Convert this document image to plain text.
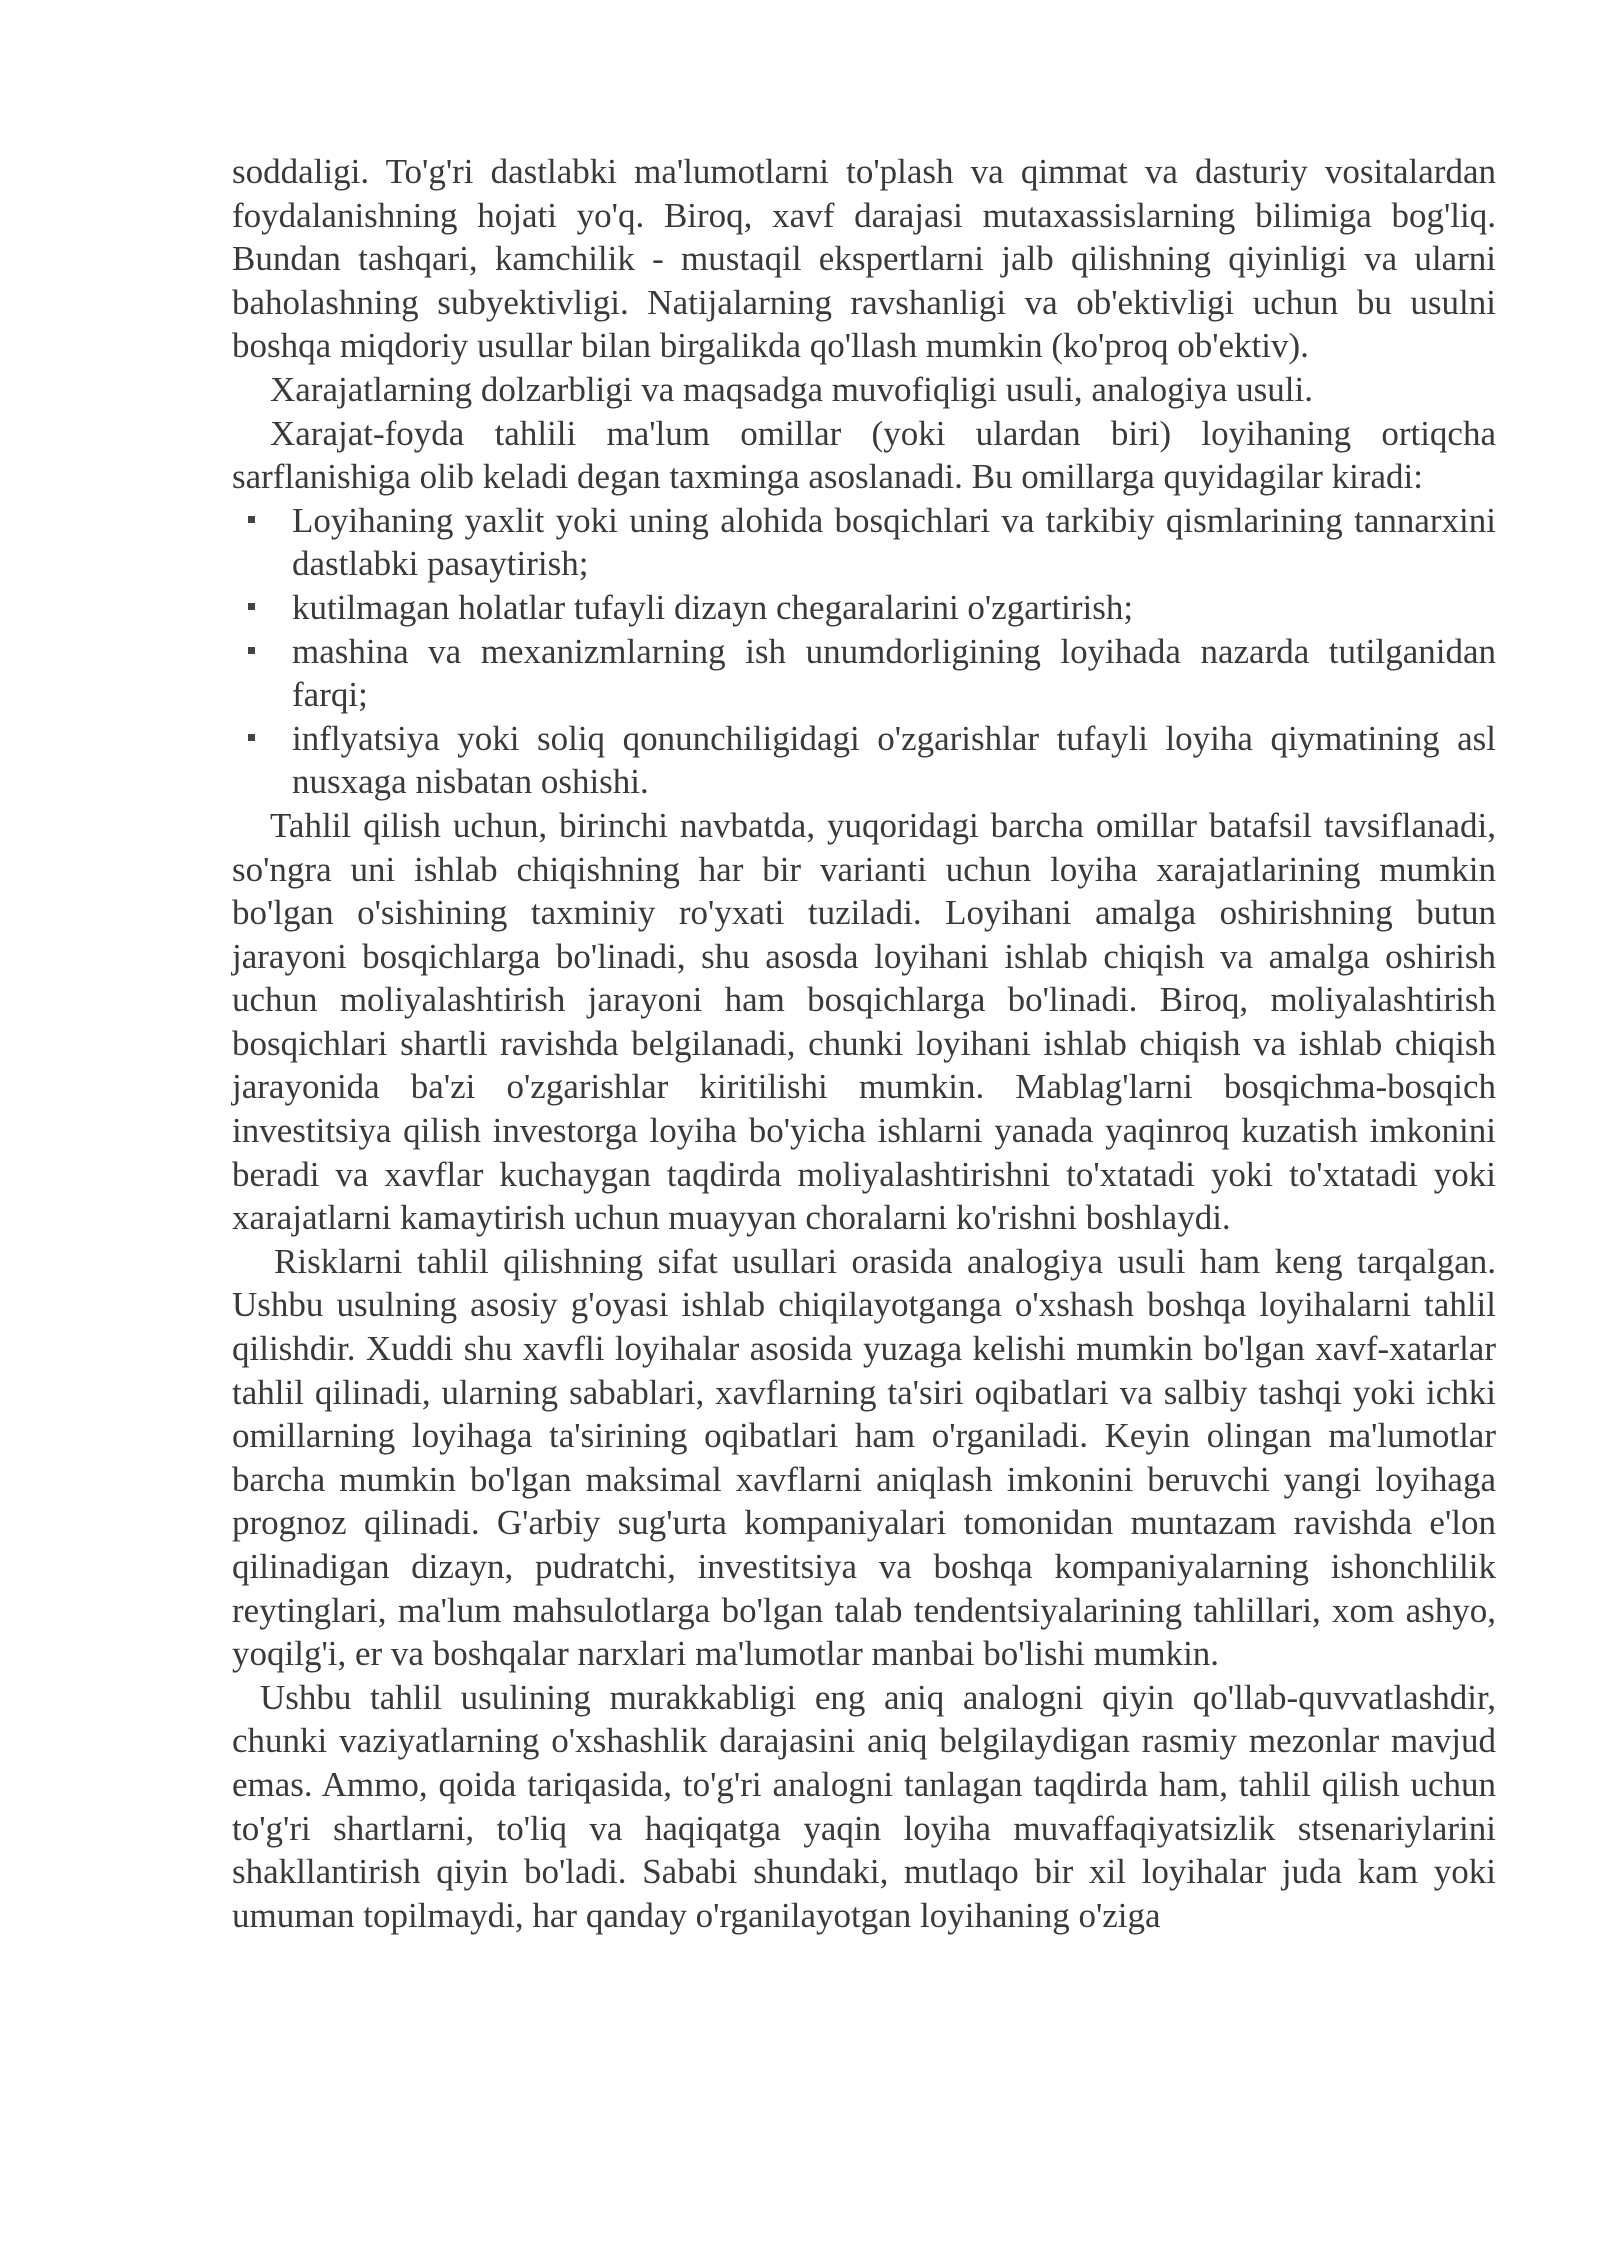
soddaligi. To'g'ri dastlabki ma'lumotlarni to'plash va qimmat va dasturiy vositalardan foydalanishning hojati yo'q. Biroq, xavf darajasi mutaxassislarning bilimiga bog'liq. Bundan tashqari, kamchilik - mustaqil ekspertlarni jalb qilishning qiyinligi va ularni baholashning subyektivligi. Natijalarning ravshanligi va ob'ektivligi uchun bu usulni boshqa miqdoriy usullar bilan birgalikda qo'llash mumkin (ko'proq ob'ektiv).

Xarajatlarning dolzarbligi va maqsadga muvofiqligi usuli, analogiya usuli.

Xarajat-foyda tahlili ma'lum omillar (yoki ulardan biri) loyihaning ortiqcha sarflanishiga olib keladi degan taxminga asoslanadi. Bu omillarga quyidagilar kiradi:

Loyihaning yaxlit yoki uning alohida bosqichlari va tarkibiy qismlarining tannarxini dastlabki pasaytirish;
kutilmagan holatlar tufayli dizayn chegaralarini o'zgartirish;
mashina va mexanizmlarning ish unumdorligining loyihada nazarda tutilganidan farqi;
inflyatsiya yoki soliq qonunchiligidagi o'zgarishlar tufayli loyiha qiymatining asl nusxaga nisbatan oshishi.

Tahlil qilish uchun, birinchi navbatda, yuqoridagi barcha omillar batafsil tavsiflanadi, so'ngra uni ishlab chiqishning har bir varianti uchun loyiha xarajatlarining mumkin bo'lgan o'sishining taxminiy ro'yxati tuziladi. Loyihani amalga oshirishning butun jarayoni bosqichlarga bo'linadi, shu asosda loyihani ishlab chiqish va amalga oshirish uchun moliyalashtirish jarayoni ham bosqichlarga bo'linadi. Biroq, moliyalashtirish bosqichlari shartli ravishda belgilanadi, chunki loyihani ishlab chiqish va ishlab chiqish jarayonida ba'zi o'zgarishlar kiritilishi mumkin. Mablag'larni bosqichma-bosqich investitsiya qilish investorga loyiha bo'yicha ishlarni yanada yaqinroq kuzatish imkonini beradi va xavflar kuchaygan taqdirda moliyalashtirishni to'xtatadi yoki to'xtatadi yoki xarajatlarni kamaytirish uchun muayyan choralarni ko'rishni boshlaydi.

Risklarni tahlil qilishning sifat usullari orasida analogiya usuli ham keng tarqalgan. Ushbu usulning asosiy g'oyasi ishlab chiqilayotganga o'xshash boshqa loyihalarni tahlil qilishdir. Xuddi shu xavfli loyihalar asosida yuzaga kelishi mumkin bo'lgan xavf-xatarlar tahlil qilinadi, ularning sabablari, xavflarning ta'siri oqibatlari va salbiy tashqi yoki ichki omillarning loyihaga ta'sirining oqibatlari ham o'rganiladi. Keyin olingan ma'lumotlar barcha mumkin bo'lgan maksimal xavflarni aniqlash imkonini beruvchi yangi loyihaga prognoz qilinadi. G'arbiy sug'urta kompaniyalari tomonidan muntazam ravishda e'lon qilinadigan dizayn, pudratchi, investitsiya va boshqa kompaniyalarning ishonchlilik reytinglari, ma'lum mahsulotlarga bo'lgan talab tendentsiyalarining tahlillari, xom ashyo, yoqilg'i, er va boshqalar narxlari ma'lumotlar manbai bo'lishi mumkin.

Ushbu tahlil usulining murakkabligi eng aniq analogni qiyin qo'llab-quvvatlashdir, chunki vaziyatlarning o'xshashlik darajasini aniq belgilaydigan rasmiy mezonlar mavjud emas. Ammo, qoida tariqasida, to'g'ri analogni tanlagan taqdirda ham, tahlil qilish uchun to'g'ri shartlarni, to'liq va haqiqatga yaqin loyiha muvaffaqiyatsizlik stsenariylarini shakllantirish qiyin bo'ladi. Sababi shundaki, mutlaqo bir xil loyihalar juda kam yoki umuman topilmaydi, har qanday o'rganilayotgan loyihaning o'ziga
